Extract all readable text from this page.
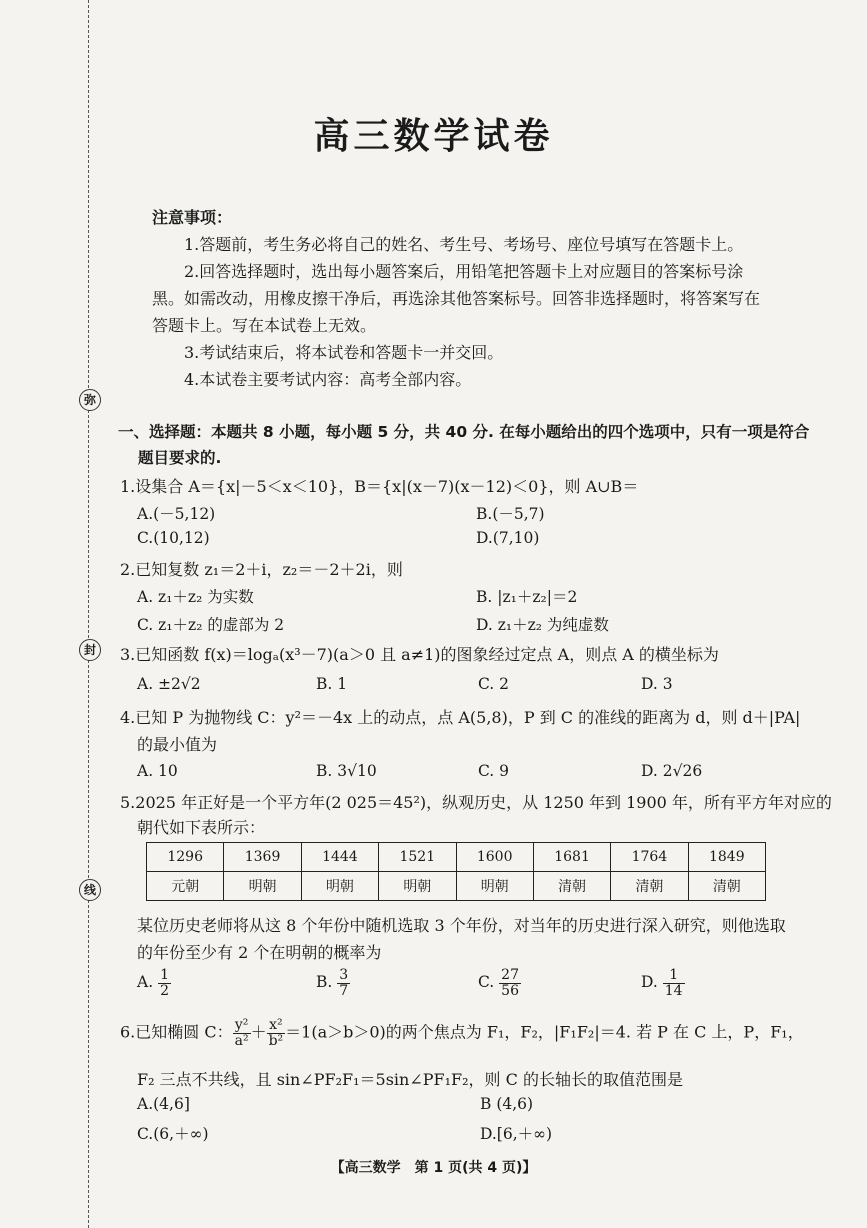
弥
封
线
高三数学试卷
注意事项：
1.答题前，考生务必将自己的姓名、考生号、考场号、座位号填写在答题卡上。
2.回答选择题时，选出每小题答案后，用铅笔把答题卡上对应题目的答案标号涂
黑。如需改动，用橡皮擦干净后，再选涂其他答案标号。回答非选择题时，将答案写在
答题卡上。写在本试卷上无效。
3.考试结束后，将本试卷和答题卡一并交回。
4.本试卷主要考试内容：高考全部内容。
一、选择题：本题共 8 小题，每小题 5 分，共 40 分. 在每小题给出的四个选项中，只有一项是符合
题目要求的.
1.设集合 A＝{x|－5＜x＜10}，B＝{x|(x－7)(x－12)＜0}，则 A∪B＝
A.(－5,12)	B.(－5,7)
C.(10,12)	D.(7,10)
2.已知复数 z₁＝2＋i，z₂＝－2＋2i，则
A. z₁＋z₂ 为实数	B. |z₁＋z₂|＝2
C. z₁＋z₂ 的虚部为 2	D. z₁＋z₂ 为纯虚数
3.已知函数 f(x)＝logₐ(x³－7)(a＞0 且 a≠1)的图象经过定点 A，则点 A 的横坐标为
A. ±2√2	B. 1	C. 2	D. 3
4.已知 P 为抛物线 C：y²＝－4x 上的动点，点 A(5,8)，P 到 C 的准线的距离为 d，则 d＋|PA|
的最小值为
A. 10	B. 3√10	C. 9	D. 2√26
5.2025 年正好是一个平方年(2 025＝45²)，纵观历史，从 1250 年到 1900 年，所有平方年对应的
朝代如下表所示：
1296	1369	1444	1521	1600	1681	1764	1849
元朝	明朝	明朝	明朝	明朝	清朝	清朝	清朝
某位历史老师将从这 8 个年份中随机选取 3 个年份，对当年的历史进行深入研究，则他选取
的年份至少有 2 个在明朝的概率为
A. $\frac{1}{2}$	B. $\frac{3}{7}$	C. $\frac{27}{56}$	D. $\frac{1}{14}$
6.已知椭圆 C： $\frac{\text{y²}}{\text{a²}} + \frac{\text{x²}}{\text{b²}} =1(a>b>0)$的两个焦点为 F₁，F₂，|F₁F₂|＝4. 若 P 在 C 上，P，F₁，
F₂ 三点不共线，且 sin∠PF₂F₁＝5sin∠PF₁F₂，则 C 的长轴长的取值范围是
A.(4,6]	B (4,6)
C.(6,＋∞)	D.[6,＋∞)
【高三数学　第 1 页(共 4 页)】
